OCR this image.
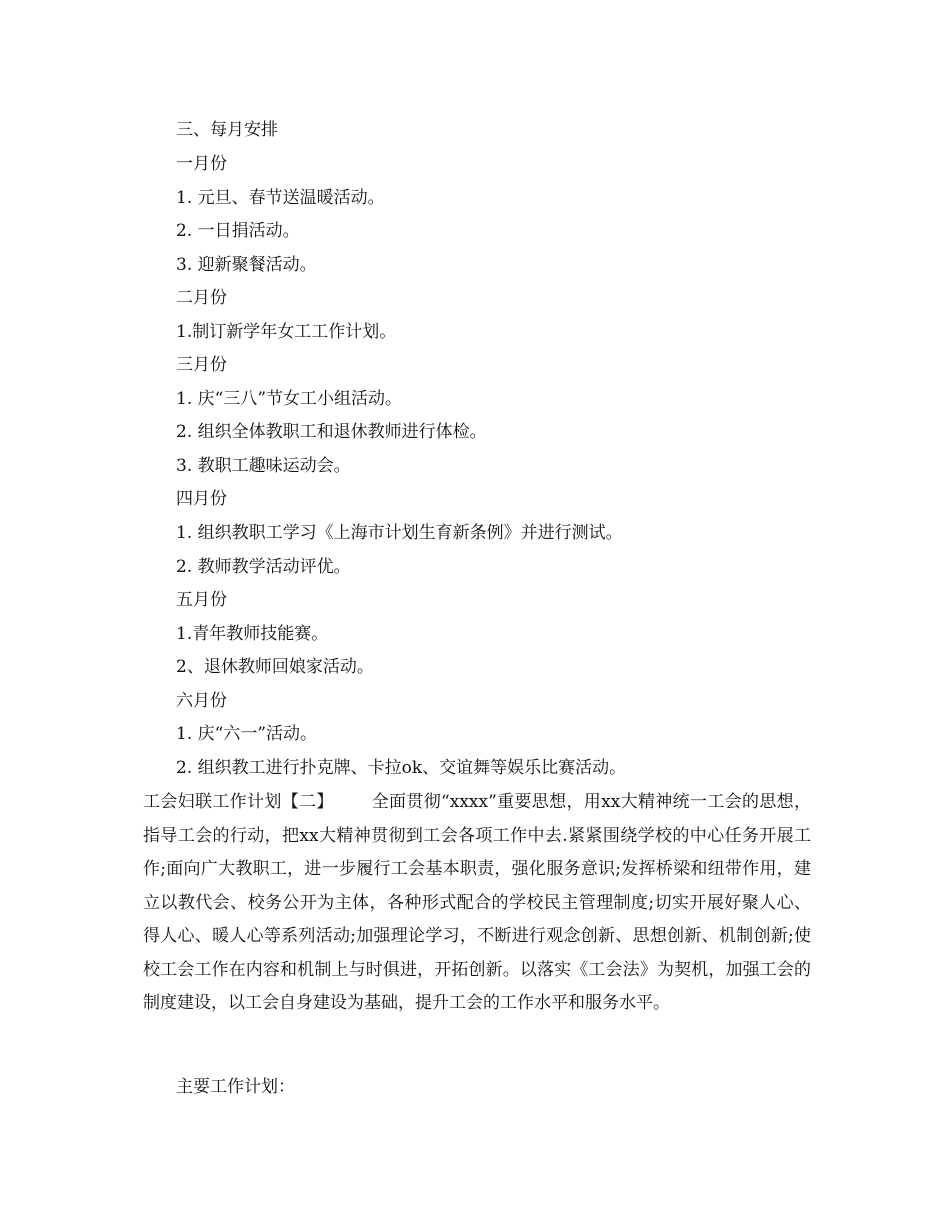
三、每月安排
一月份
1. 元旦、春节送温暖活动。
2. 一日捐活动。
3. 迎新聚餐活动。
二月份
1.制订新学年女工工作计划。
三月份
1. 庆“三八”节女工小组活动。
2. 组织全体教职工和退休教师进行体检。
3. 教职工趣味运动会。
四月份
1. 组织教职工学习《上海市计划生育新条例》并进行测试。
2. 教师教学活动评优。
五月份
1.青年教师技能赛。
2、退休教师回娘家活动。
六月份
1. 庆“六一”活动。
2. 组织教工进行扑克牌、卡拉ok、交谊舞等娱乐比赛活动。
工会妇联工作计划【二】 全面贯彻“xxxx”重要思想，用xx大精神统一工会的思想，指导工会的行动，把xx大精神贯彻到工会各项工作中去.紧紧围绕学校的中心任务开展工作;面向广大教职工，进一步履行工会基本职责，强化服务意识;发挥桥梁和纽带作用，建立以教代会、校务公开为主体，各种形式配合的学校民主管理制度;切实开展好聚人心、得人心、暖人心等系列活动;加强理论学习，不断进行观念创新、思想创新、机制创新;使校工会工作在内容和机制上与时俱进，开拓创新。以落实《工会法》为契机，加强工会的制度建设，以工会自身建设为基础，提升工会的工作水平和服务水平。
主要工作计划：
